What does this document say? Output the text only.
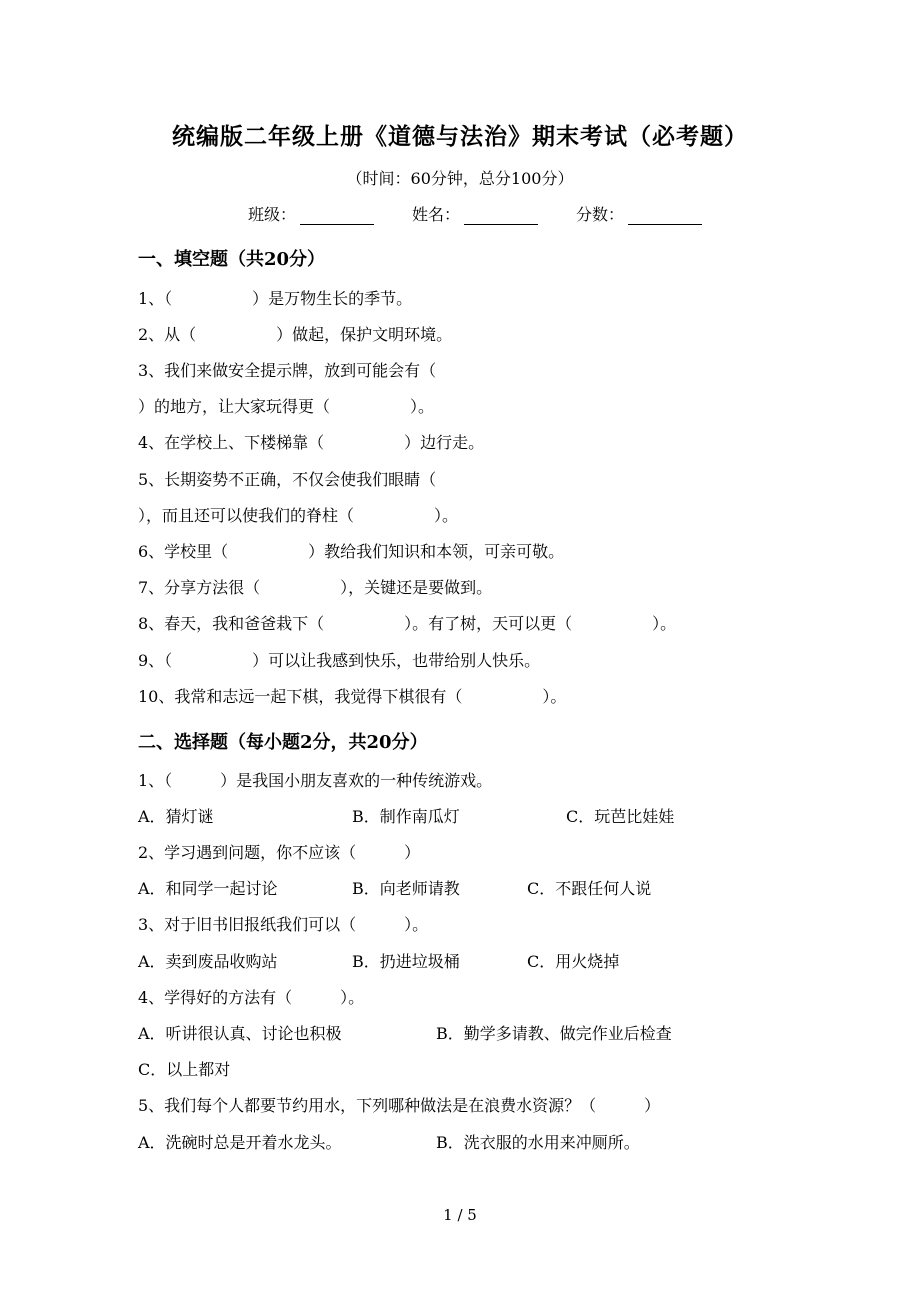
统编版二年级上册《道德与法治》期末考试（必考题）
（时间：60分钟，总分100分）
班级：	姓名：	分数：
一、填空题（共20分）
1、（　　　　　）是万物生长的季节。
2、从（　　　　　）做起，保护文明环境。
3、我们来做安全提示牌，放到可能会有（
）的地方，让大家玩得更（　　　　　）。
4、在学校上、下楼梯靠（　　　　　）边行走。
5、长期姿势不正确，不仅会使我们眼睛（
），而且还可以使我们的脊柱（　　　　　）。
6、学校里（　　　　　）教给我们知识和本领，可亲可敬。
7、分享方法很（　　　　　），关键还是要做到。
8、春天，我和爸爸栽下（　　　　　）。有了树，天可以更（　　　　　）。
9、（　　　　　）可以让我感到快乐，也带给别人快乐。
10、我常和志远一起下棋，我觉得下棋很有（　　　　　）。
二、选择题（每小题2分，共20分）
1、（　　　）是我国小朋友喜欢的一种传统游戏。
A．猜灯谜	B．制作南瓜灯	C．玩芭比娃娃
2、学习遇到问题，你不应该（　　　）
A．和同学一起讨论	B．向老师请教	C．不跟任何人说
3、对于旧书旧报纸我们可以（　　　）。
A．卖到废品收购站	B．扔进垃圾桶	C．用火烧掉
4、学得好的方法有（　　　）。
A．听讲很认真、讨论也积极	B．勤学多请教、做完作业后检查
C．以上都对
5、我们每个人都要节约用水，下列哪种做法是在浪费水资源？（　　　）
A．洗碗时总是开着水龙头。	B．洗衣服的水用来冲厕所。
1 / 5
